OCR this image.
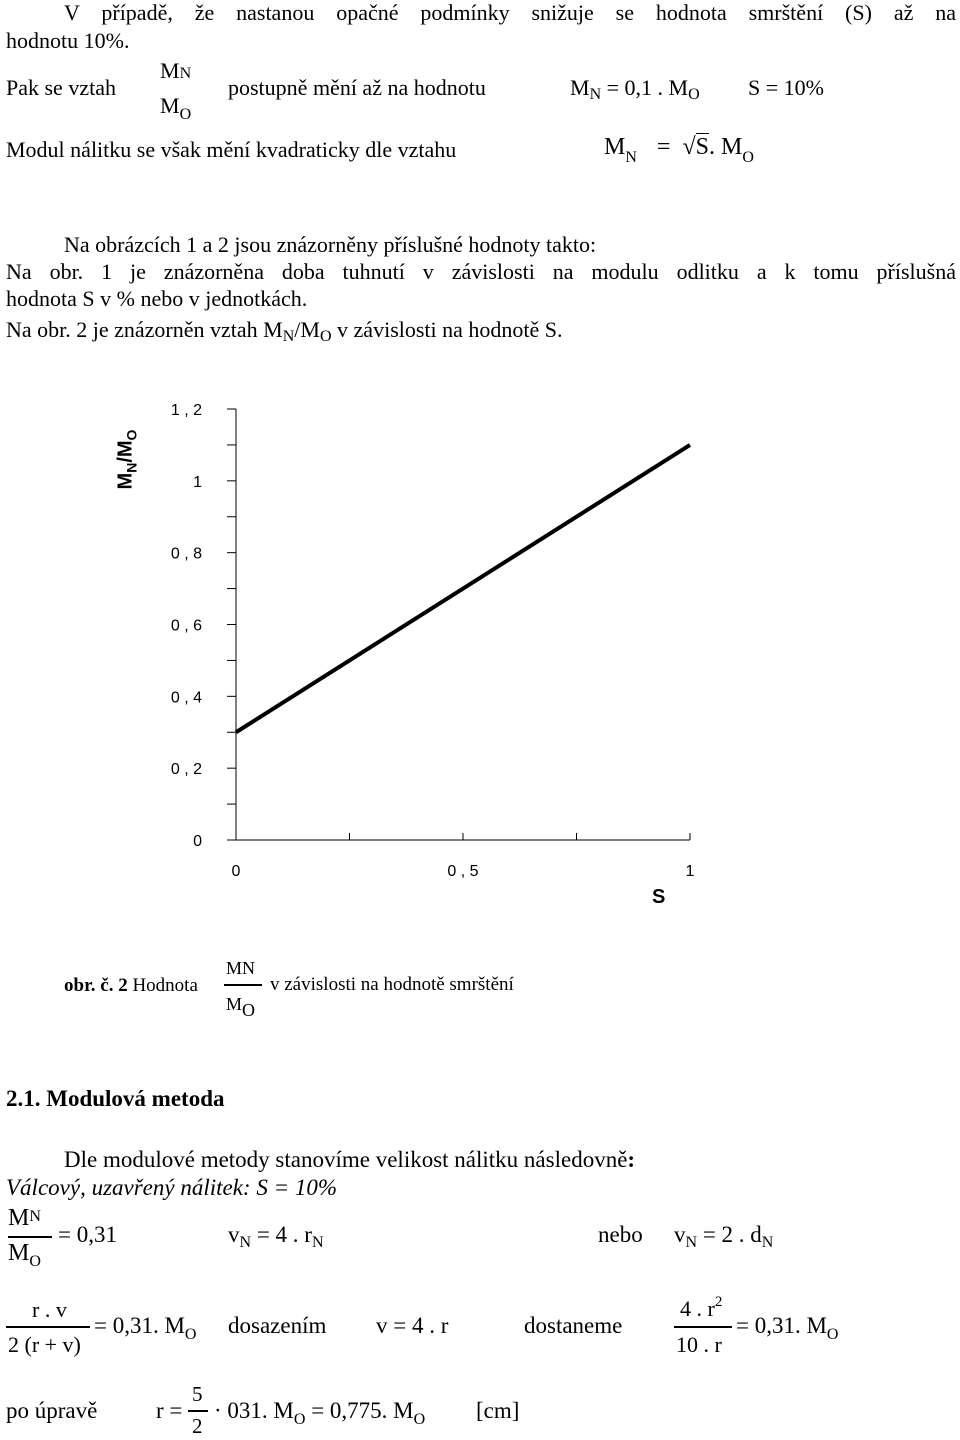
V případě, že nastanou opačné podmínky snižuje se hodnota smrštění (S) až na
hodnotu 10%.
Pak se vztah
MN
$M_O$
postupně mění až na hodnotu	MN = 0,1 . MO S = 10%
Modul nálitku se však mění kvadraticky dle vztahu	$M_N = √S$. $M_O$
Na obrázcích 1 a 2 jsou znázorněny příslušné hodnoty takto:
Na obr. 1 je znázorněna doba tuhnutí v závislosti na modulu odlitku a k tomu příslušná
hodnota S v % nebo v jednotkách.
Na obr. 2 je znázorněn vztah MN/MO v závislosti na hodnotě S.
1 , 2
1
0 , 8
0 , 6
0 , 4
0 , 2
0
0	0 , 5	1
$M_N/M_O$
S
obr. č. 2 Hodnota
MN
MO
v závislosti na hodnotě smrštění
2.1. Modulová metoda
Dle modulové metody stanovíme velikost nálitku následovně:
Válcový, uzavřený nálitek: S = 10%
MN
$M_O$
= 0,31	$v_N = 4$ . $r_N$	nebo $v_N = 2$ . $d_N$
r . v
2 (r + v)
= 0,31. $M_O$ dosazením v = 4 . r	dostaneme
4 . $r^2$
10 . r
= 0,31. $M_O$
po úpravě	r =
5
2
· 031. $M_O = 0,775$. $M_O$ [cm]
